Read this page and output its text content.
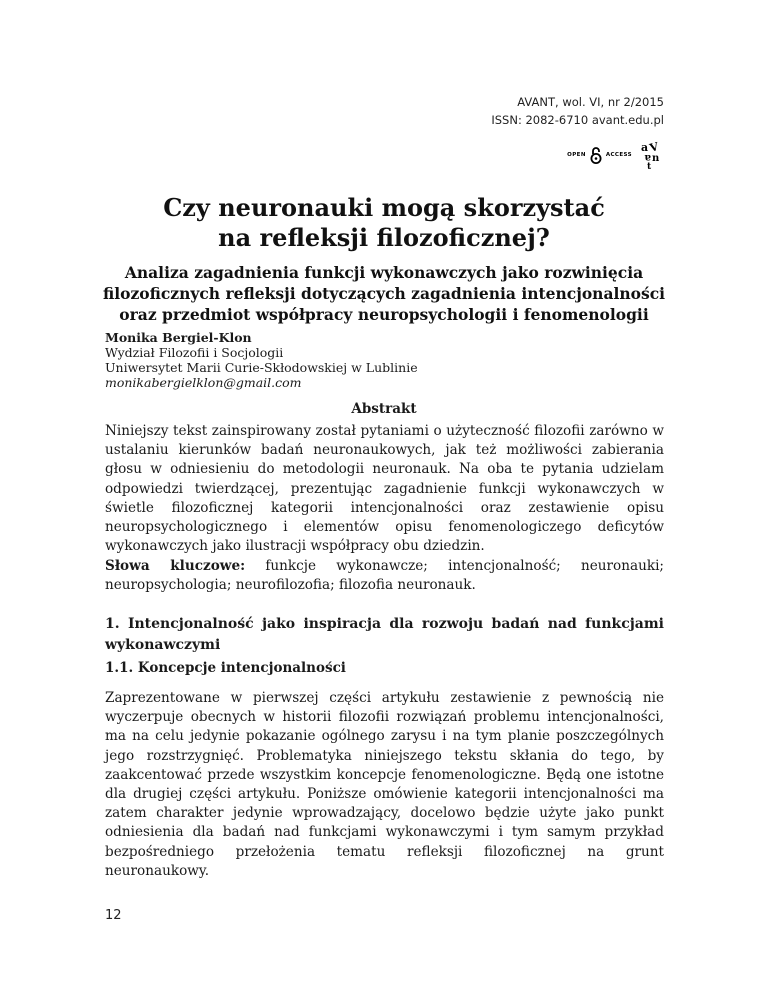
AVANT, wol. VI, nr 2/2015
ISSN: 2082-6710 avant.edu.pl
OPEN	ACCESS
a V
a n
t
Czy neuronauki mogą skorzystać
na refleksji filozoficznej?
Analiza zagadnienia funkcji wykonawczych jako rozwinięcia
filozoficznych refleksji dotyczących zagadnienia intencjonalności
oraz przedmiot współpracy neuropsychologii i fenomenologii
Monika Bergiel-Klon
Wydział Filozofii i Socjologii
Uniwersytet Marii Curie-Skłodowskiej w Lublinie
monikabergielklon@gmail.com
Abstrakt

Niniejszy tekst zainspirowany został pytaniami o użyteczność filozofii zarówno w ustalaniu kierunków badań neuronaukowych, jak też możliwości zabierania głosu w odniesieniu do metodologii neuronauk. Na oba te pytania udzielam odpowiedzi twierdzącej, prezentując zagadnienie funkcji wykonawczych w świetle filozoficznej kategorii intencjonalności oraz zestawienie opisu neuropsychologicznego i elementów opisu fenomenologiczego deficytów wykonawczych jako ilustracji współpracy obu dziedzin.

Słowa kluczowe: funkcje wykonawcze; intencjonalność; neuronauki; neuropsychologia; neurofilozofia; filozofia neuronauk.

1. Intencjonalność jako inspiracja dla rozwoju badań nad funkcjami wykonawczymi
1.1. Koncepcje intencjonalności

Zaprezentowane w pierwszej części artykułu zestawienie z pewnością nie wyczerpuje obecnych w historii filozofii rozwiązań problemu intencjonalności, ma na celu jedynie pokazanie ogólnego zarysu i na tym planie poszczególnych jego rozstrzygnięć. Problematyka niniejszego tekstu skłania do tego, by zaakcentować przede wszystkim koncepcje fenomenologiczne. Będą one istotne dla drugiej części artykułu. Poniższe omówienie kategorii intencjonalności ma zatem charakter jedynie wprowadzający, docelowo będzie użyte jako punkt odniesienia dla badań nad funkcjami wykonawczymi i tym samym przykład bezpośredniego przełożenia tematu refleksji filozoficznej na grunt neuronaukowy.

12
